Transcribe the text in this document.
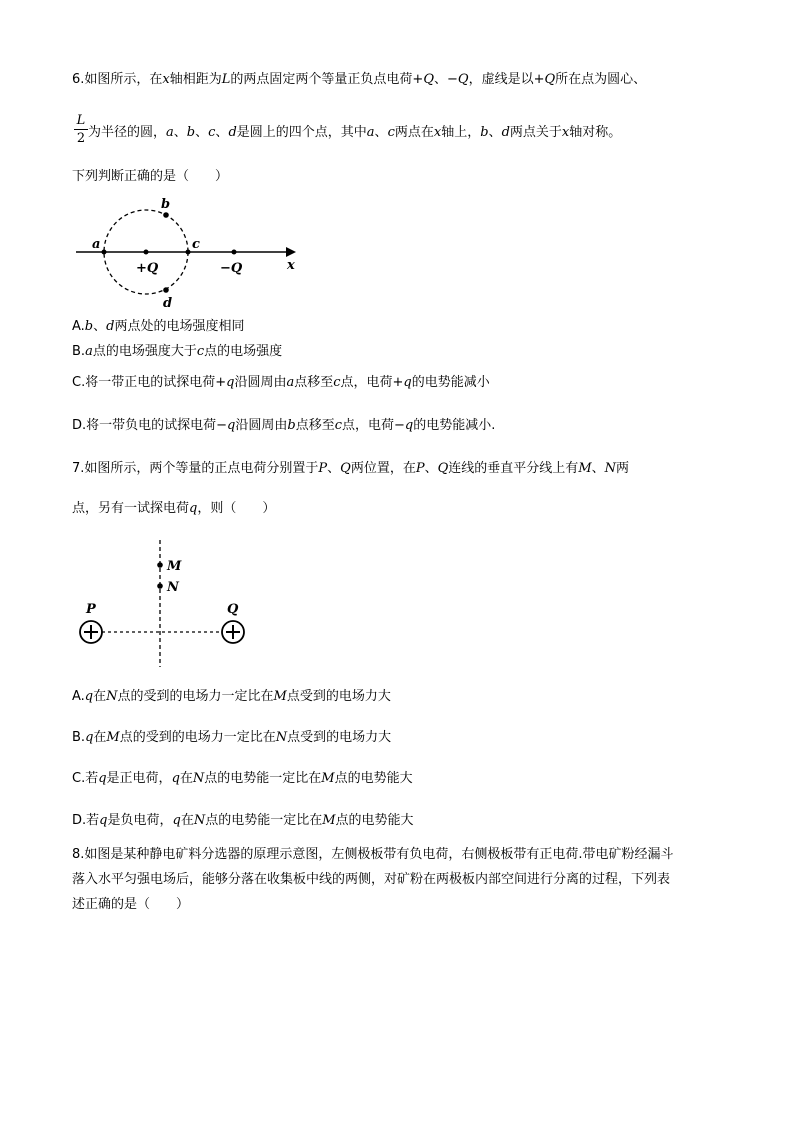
6.如图所示，在x轴相距为L的两点固定两个等量正负点电荷+Q、−Q，虚线是以+Q所在点为圆心、
L
2 为半径的圆，a、b、c、d是圆上的四个点，其中a、c两点在x轴上，b、d两点关于x轴对称。
下列判断正确的是（　　）
a
b
c
d
+Q	−Q	x
A.b、d两点处的电场强度相同
B.a点的电场强度大于c点的电场强度
C.将一带正电的试探电荷+q沿圆周由a点移至c点，电荷+q的电势能减小
D.将一带负电的试探电荷−q沿圆周由b点移至c点，电荷−q的电势能减小.
7.如图所示，两个等量的正点电荷分别置于P、Q两位置，在P、Q连线的垂直平分线上有M、N两
点，另有一试探电荷q，则（　　）
M
N
P	Q
A.q在N点的受到的电场力一定比在M点受到的电场力大
B.q在M点的受到的电场力一定比在N点受到的电场力大
C.若q是正电荷，q在N点的电势能一定比在M点的电势能大
D.若q是负电荷，q在N点的电势能一定比在M点的电势能大
8.如图是某种静电矿料分选器的原理示意图，左侧极板带有负电荷，右侧极板带有正电荷.带电矿粉经漏斗
落入水平匀强电场后，能够分落在收集板中线的两侧，对矿粉在两极板内部空间进行分离的过程，下列表
述正确的是（　　）
